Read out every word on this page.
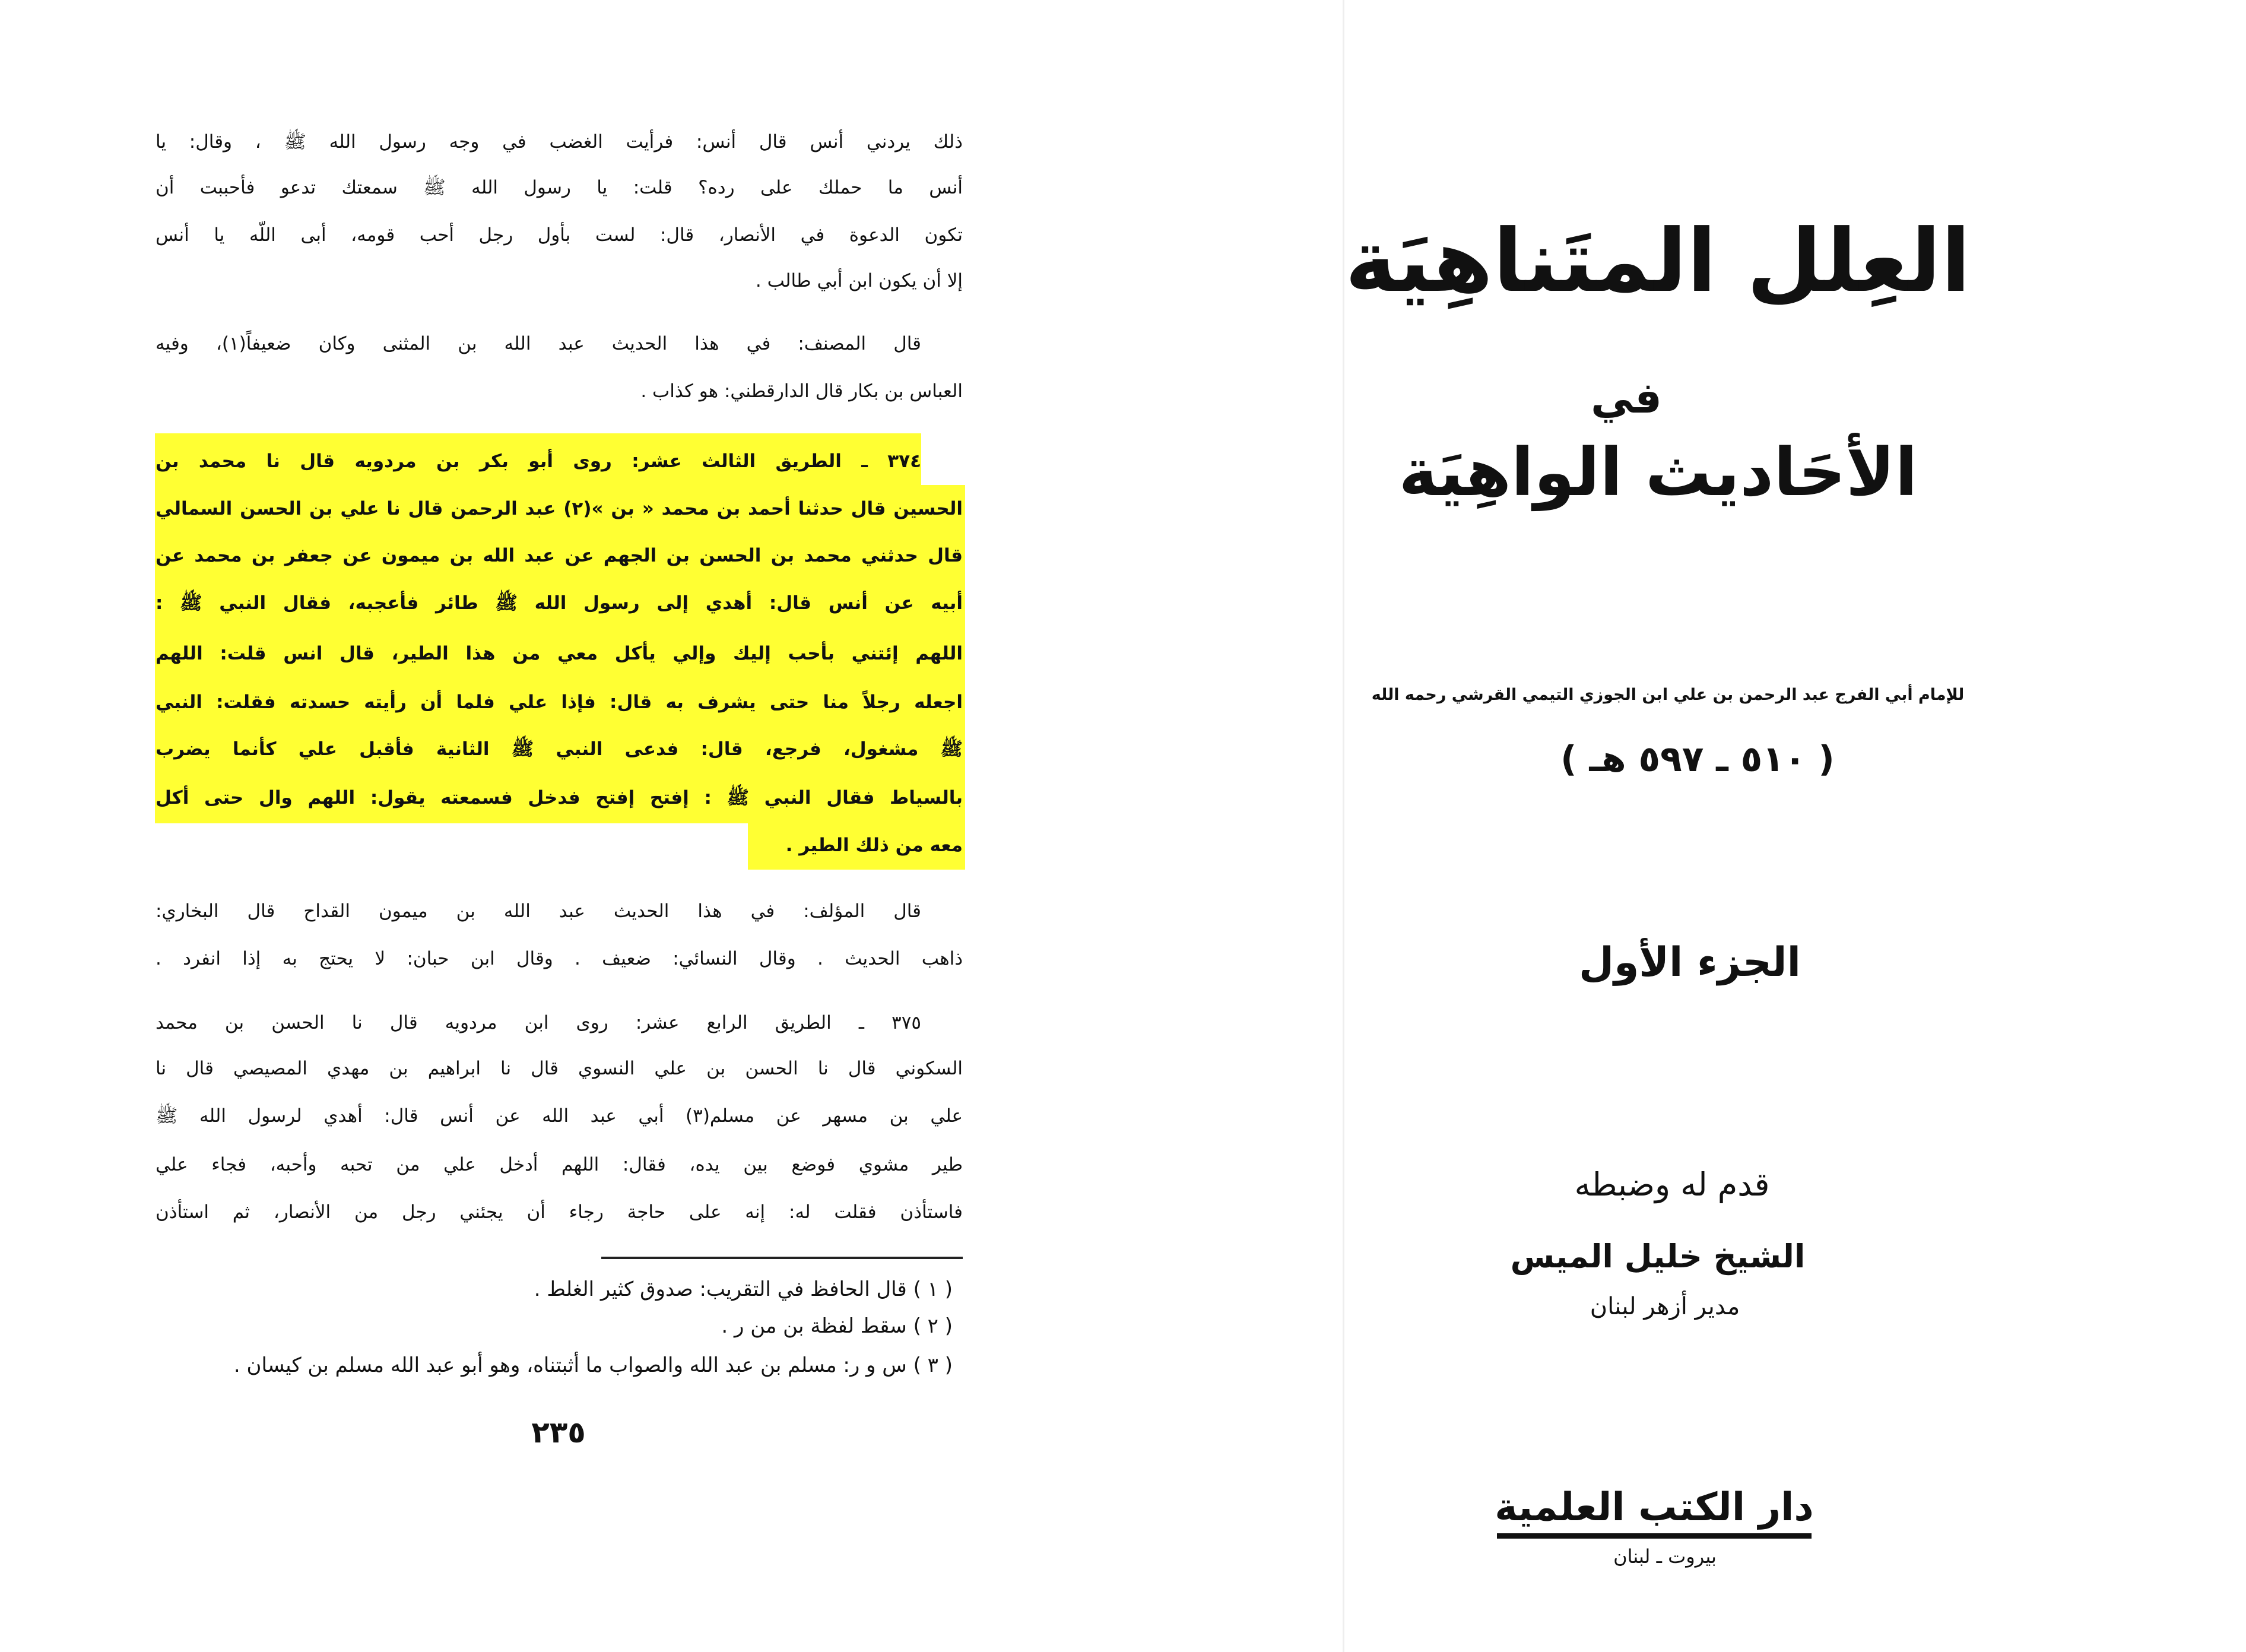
ذلك يردني أنس قال أنس: فرأيت الغضب في وجه رسول الله ﷺ ، وقال: يا
أنس ما حملك على رده؟ قلت: يا رسول الله ﷺ سمعتك تدعو فأحببت أن
تكون الدعوة في الأنصار، قال: لست بأول رجل أحب قومه، أبى اللّه يا أنس
إلا أن يكون ابن أبي طالب .
قال المصنف: في هذا الحديث عبد الله بن المثنى وكان ضعيفاً(١)، وفيه
العباس بن بكار قال الدارقطني: هو كذاب .
٣٧٤ ـ الطريق الثالث عشر: روى أبو بكر بن مردويه قال نا محمد بن
الحسين قال حدثنا أحمد بن محمد « بن »(٢) عبد الرحمن قال نا علي بن الحسن السمالي
قال حدثني محمد بن الحسن بن الجهم عن عبد الله بن ميمون عن جعفر بن محمد عن
أبيه عن أنس قال: أهدي إلى رسول الله ﷺ طائر فأعجبه، فقال النبي ﷺ :
اللهم إئتني بأحب إليك وإلي يأكل معي من هذا الطير، قال انس قلت: اللهم
اجعله رجلاً منا حتى يشرف به قال: فإذا علي فلما أن رأيته حسدته فقلت: النبي
ﷺ مشغول، فرجع، قال: فدعى النبي ﷺ الثانية فأقبل علي كأنما يضرب
بالسياط فقال النبي ﷺ : إفتح إفتح فدخل فسمعته يقول: اللهم وال حتى أكل
معه من ذلك الطير .
قال المؤلف: في هذا الحديث عبد الله بن ميمون القداح قال البخاري:
ذاهب الحديث . وقال النسائي: ضعيف . وقال ابن حبان: لا يحتج به إذا انفرد .
٣٧٥ ـ الطريق الرابع عشر: روى ابن مردويه قال نا الحسن بن محمد
السكوني قال نا الحسن بن علي النسوي قال نا ابراهيم بن مهدي المصيصي قال نا
علي بن مسهر عن مسلم(٣) أبي عبد الله عن أنس قال: أهدي لرسول الله ﷺ
طير مشوي فوضع بين يده، فقال: اللهم أدخل علي من تحبه وأحبه، فجاء علي
فاستأذن فقلت له: إنه على حاجة رجاء أن يجئني رجل من الأنصار، ثم استأذن
( ١ ) قال الحافظ في التقريب: صدوق كثير الغلط .
( ٢ ) سقط لفظة بن من ر .
( ٣ ) س و ر: مسلم بن عبد الله والصواب ما أثبتناه، وهو أبو عبد الله مسلم بن كيسان .
٢٣٥
العِلل المتَناهِيَة
في
الأحَاديث الواهِيَة
للإمام أبي الفرج عبد الرحمن بن علي ابن الجوزي التيمي القرشي رحمه الله
( ٥١٠ ـ ٥٩٧ هـ )
الجزء الأول
قدم له وضبطه
الشيخ خليل الميس
مدير أزهر لبنان
دار الكتب العلمية
بيروت ـ لبنان
